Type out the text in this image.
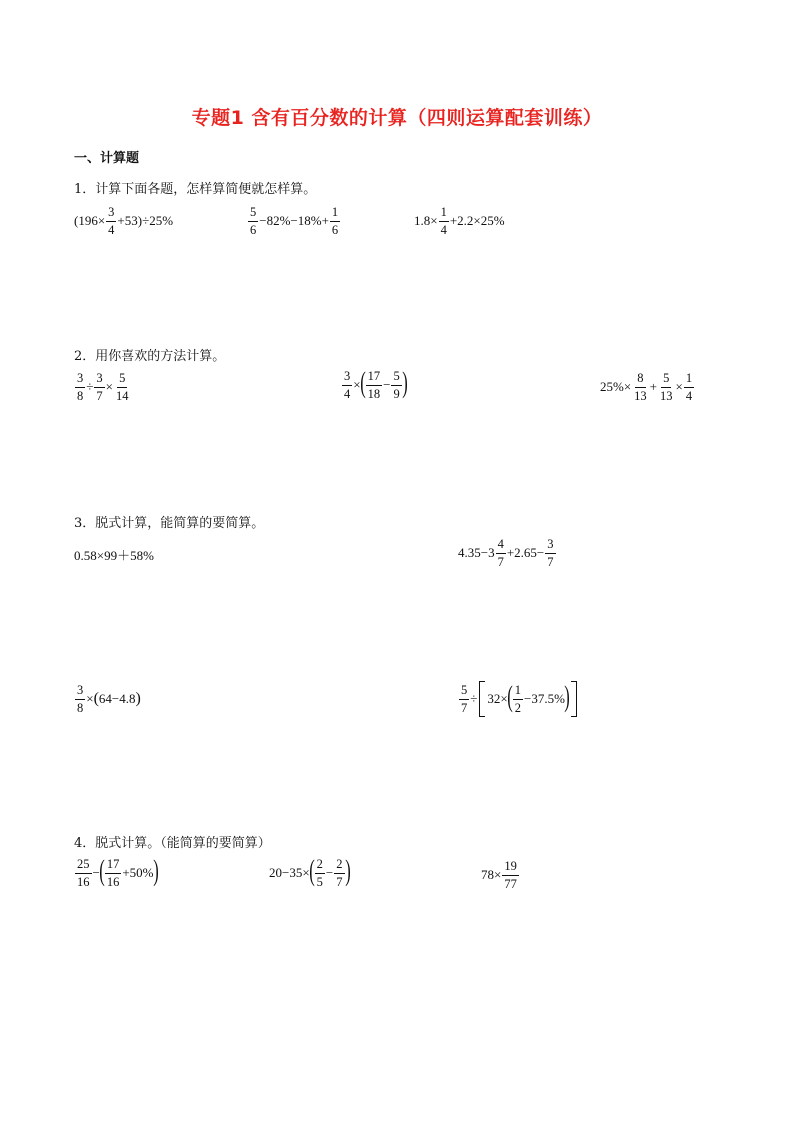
专题1 含有百分数的计算（四则运算配套训练）
一、计算题
1．计算下面各题，怎样算简便就怎样算。
$(196\times \frac{3}{4} +53)\div 25\%$	$\frac{5}{6} -82\%-18\%+ \frac{1}{6}$	$1.8\times \frac{1}{4} +2.2\times 25\%$
2．用你喜欢的方法计算。
$\frac{3}{8} \div \frac{3}{7} \times \frac{5}{14}$	$\frac{3}{4}$ × ( $\frac{17}{18} - \frac{5}{9}$ )	$25\%\times \frac{8}{13} + \frac{5}{13} \times \frac{1}{4}$
3．脱式计算，能简算的要简算。
0.58×99＋58%	$4.35-3 \frac{4}{7} +2.65- \frac{3}{7}$
$\frac{3}{8}$ × ( 64−4.8 )	$\frac{5}{7} \div 32\times$ ( $\frac{1}{2} -37.5\%$ )
4．脱式计算。（能简算的要简算）
$\frac{25}{16}$ − ( $\frac{17}{16} +50\%$ )	20−35× ( $\frac{2}{5} - \frac{2}{7}$ )	$78\times \frac{19}{77}$
